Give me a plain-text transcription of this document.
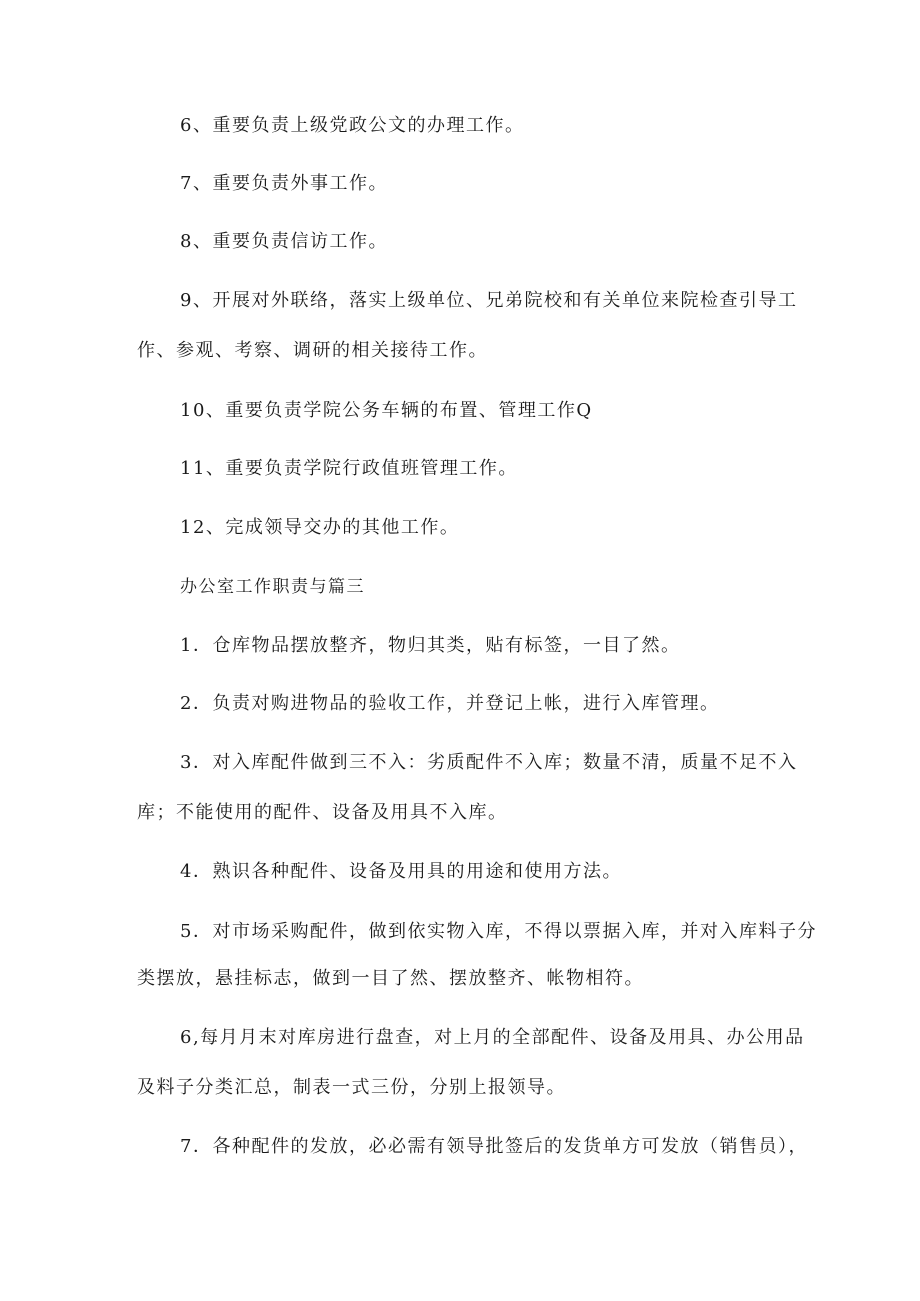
6、重要负责上级党政公文的办理工作。
7、重要负责外事工作。
8、重要负责信访工作。
9、开展对外联络，落实上级单位、兄弟院校和有关单位来院检查引导工
作、参观、考察、调研的相关接待工作。
10、重要负责学院公务车辆的布置、管理工作Q
11、重要负责学院行政值班管理工作。
12、完成领导交办的其他工作。
办公室工作职责与篇三
1．仓库物品摆放整齐，物归其类，贴有标签，一目了然。
2．负责对购进物品的验收工作，并登记上帐，进行入库管理。
3．对入库配件做到三不入：劣质配件不入库；数量不清，质量不足不入
库；不能使用的配件、设备及用具不入库。
4．熟识各种配件、设备及用具的用途和使用方法。
5．对市场采购配件，做到依实物入库，不得以票据入库，并对入库料子分
类摆放，悬挂标志，做到一目了然、摆放整齐、帐物相符。
6,每月月末对库房进行盘查，对上月的全部配件、设备及用具、办公用品
及料子分类汇总，制表一式三份，分别上报领导。
7．各种配件的发放，必必需有领导批签后的发货单方可发放（销售员），
